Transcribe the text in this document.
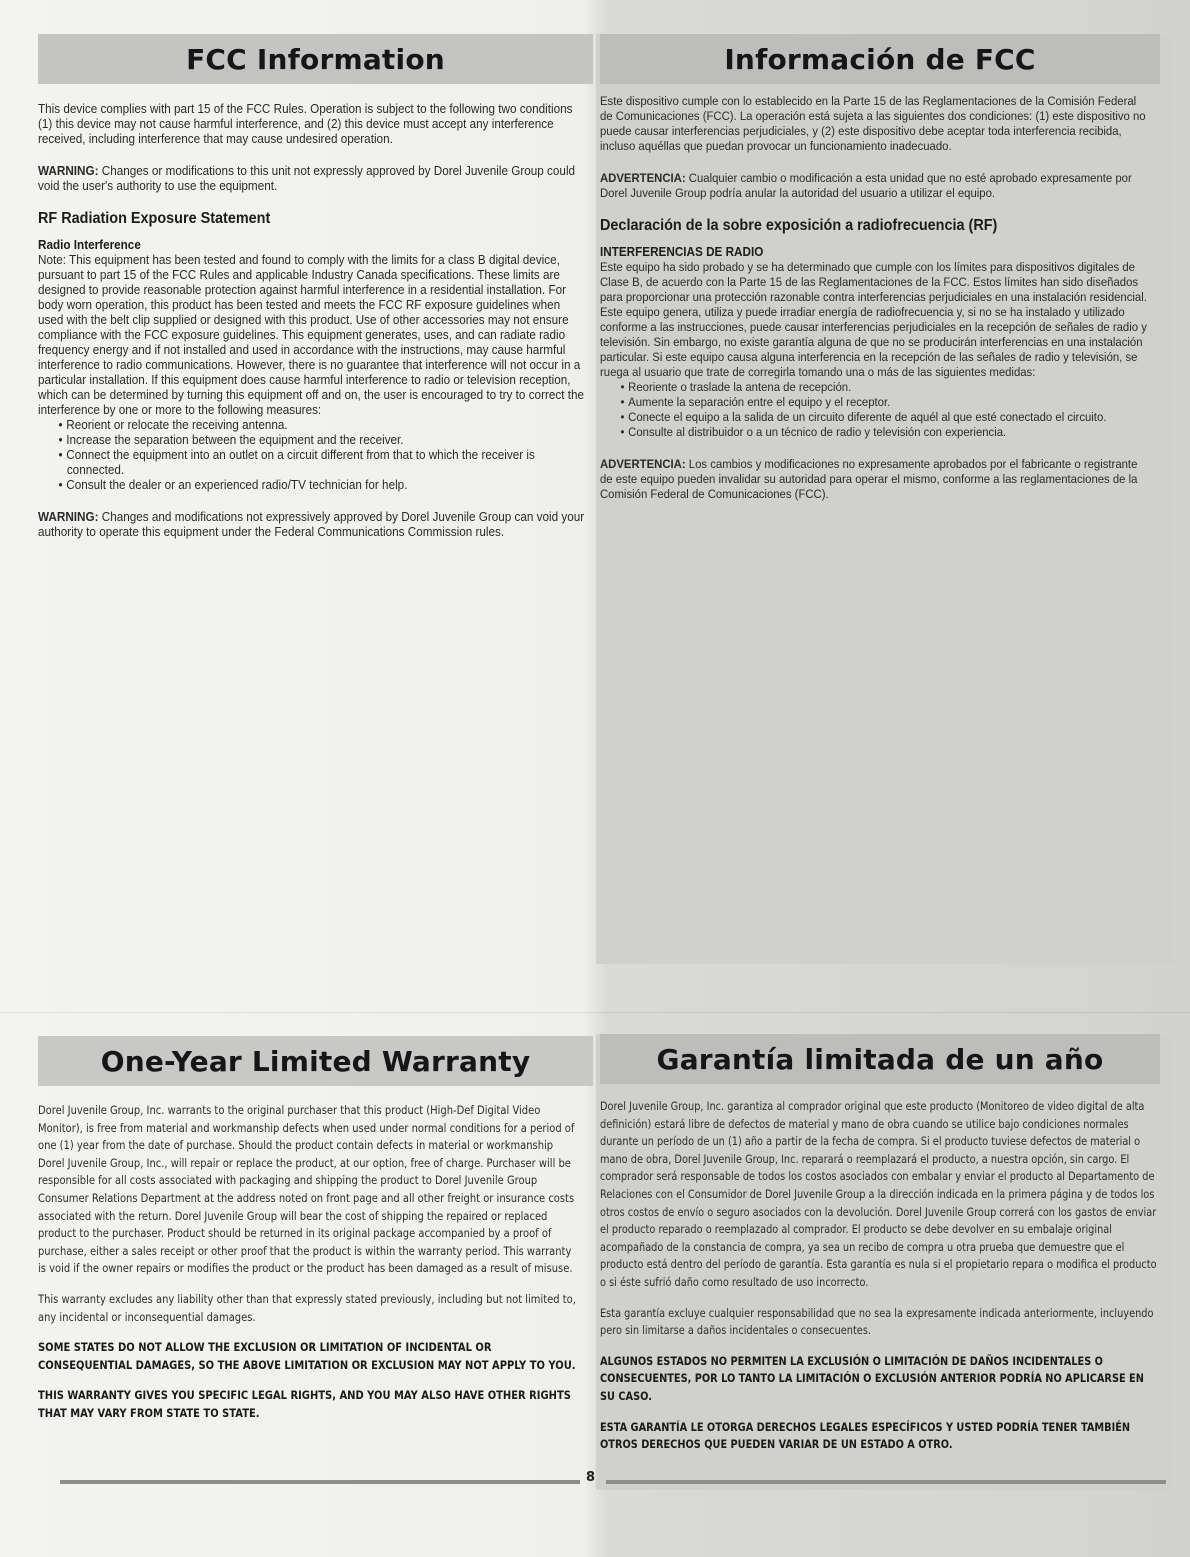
FCC Information

This device complies with part 15 of the FCC Rules. Operation is subject to the following two conditions (1) this device may not cause harmful interference, and (2) this device must accept any interference received, including interference that may cause undesired operation.

WARNING: Changes or modifications to this unit not expressly approved by Dorel Juvenile Group could void the user's authority to use the equipment.

RF Radiation Exposure Statement
Radio Interference

Note: This equipment has been tested and found to comply with the limits for a class B digital device, pursuant to part 15 of the FCC Rules and applicable Industry Canada specifications. These limits are designed to provide reasonable protection against harmful interference in a residential installation. For body worn operation, this product has been tested and meets the FCC RF exposure guidelines when used with the belt clip supplied or designed with this product. Use of other accessories may not ensure compliance with the FCC exposure guidelines. This equipment generates, uses, and can radiate radio frequency energy and if not installed and used in accordance with the instructions, may cause harmful interference to radio communications. However, there is no guarantee that interference will not occur in a particular installation. If this equipment does cause harmful interference to radio or television reception, which can be determined by turning this equipment off and on, the user is encouraged to try to correct the interference by one or more to the following measures:

• Reorient or relocate the receiving antenna.
• Increase the separation between the equipment and the receiver.
• Connect the equipment into an outlet on a circuit different from that to which the receiver is connected.
• Consult the dealer or an experienced radio/TV technician for help.

WARNING: Changes and modifications not expressively approved by Dorel Juvenile Group can void your authority to operate this equipment under the Federal Communications Commission rules.

Información de FCC

Este dispositivo cumple con lo establecido en la Parte 15 de las Reglamentaciones de la Comisión Federal de Comunicaciones (FCC). La operación está sujeta a las siguientes dos condiciones: (1) este dispositivo no puede causar interferencias perjudiciales, y (2) este dispositivo debe aceptar toda interferencia recibida, incluso aquéllas que puedan provocar un funcionamiento inadecuado.

ADVERTENCIA: Cualquier cambio o modificación a esta unidad que no esté aprobado expresamente por Dorel Juvenile Group podría anular la autoridad del usuario a utilizar el equipo.

Declaración de la sobre exposición a radiofrecuencia (RF)
INTERFERENCIAS DE RADIO

Este equipo ha sido probado y se ha determinado que cumple con los límites para dispositivos digitales de Clase B, de acuerdo con la Parte 15 de las Reglamentaciones de la FCC. Estos límites han sido diseñados para proporcionar una protección razonable contra interferencias perjudiciales en una instalación residencial. Este equipo genera, utiliza y puede irradiar energía de radiofrecuencia y, si no se ha instalado y utilizado conforme a las instrucciones, puede causar interferencias perjudiciales en la recepción de señales de radio y televisión. Sin embargo, no existe garantía alguna de que no se producirán interferencias en una instalación particular. Si este equipo causa alguna interferencia en la recepción de las señales de radio y televisión, se ruega al usuario que trate de corregirla tomando una o más de las siguientes medidas:

• Reoriente o traslade la antena de recepción.
• Aumente la separación entre el equipo y el receptor.
• Conecte el equipo a la salida de un circuito diferente de aquél al que esté conectado el circuito.
• Consulte al distribuidor o a un técnico de radio y televisión con experiencia.

ADVERTENCIA: Los cambios y modificaciones no expresamente aprobados por el fabricante o registrante de este equipo pueden invalidar su autoridad para operar el mismo, conforme a las reglamentaciones de la Comisión Federal de Comunicaciones (FCC).

One-Year Limited Warranty

Dorel Juvenile Group, Inc. warrants to the original purchaser that this product (High-Def Digital Video Monitor), is free from material and workmanship defects when used under normal conditions for a period of one (1) year from the date of purchase. Should the product contain defects in material or workmanship Dorel Juvenile Group, Inc., will repair or replace the product, at our option, free of charge. Purchaser will be responsible for all costs associated with packaging and shipping the product to Dorel Juvenile Group Consumer Relations Department at the address noted on front page and all other freight or insurance costs associated with the return. Dorel Juvenile Group will bear the cost of shipping the repaired or replaced product to the purchaser. Product should be returned in its original package accompanied by a proof of purchase, either a sales receipt or other proof that the product is within the warranty period. This warranty is void if the owner repairs or modifies the product or the product has been damaged as a result of misuse.

This warranty excludes any liability other than that expressly stated previously, including but not limited to, any incidental or inconsequential damages.

SOME STATES DO NOT ALLOW THE EXCLUSION OR LIMITATION OF INCIDENTAL OR CONSEQUENTIAL DAMAGES, SO THE ABOVE LIMITATION OR EXCLUSION MAY NOT APPLY TO YOU.

THIS WARRANTY GIVES YOU SPECIFIC LEGAL RIGHTS, AND YOU MAY ALSO HAVE OTHER RIGHTS THAT MAY VARY FROM STATE TO STATE.

Garantía limitada de un año

Dorel Juvenile Group, Inc. garantiza al comprador original que este producto (Monitoreo de video digital de alta definición) estará libre de defectos de material y mano de obra cuando se utilice bajo condiciones normales durante un período de un (1) año a partir de la fecha de compra. Si el producto tuviese defectos de material o mano de obra, Dorel Juvenile Group, Inc. reparará o reemplazará el producto, a nuestra opción, sin cargo. El comprador será responsable de todos los costos asociados con embalar y enviar el producto al Departamento de Relaciones con el Consumidor de Dorel Juvenile Group a la dirección indicada en la primera página y de todos los otros costos de envío o seguro asociados con la devolución. Dorel Juvenile Group correrá con los gastos de enviar el producto reparado o reemplazado al comprador. El producto se debe devolver en su embalaje original acompañado de la constancia de compra, ya sea un recibo de compra u otra prueba que demuestre que el producto está dentro del período de garantía. Esta garantía es nula si el propietario repara o modifica el producto o si éste sufrió daño como resultado de uso incorrecto.

Esta garantía excluye cualquier responsabilidad que no sea la expresamente indicada anteriormente, incluyendo pero sin limitarse a daños incidentales o consecuentes.

ALGUNOS ESTADOS NO PERMITEN LA EXCLUSIÓN O LIMITACIÓN DE DAÑOS INCIDENTALES O CONSECUENTES, POR LO TANTO LA LIMITACIÓN O EXCLUSIÓN ANTERIOR PODRÍA NO APLICARSE EN SU CASO.

ESTA GARANTÍA LE OTORGA DERECHOS LEGALES ESPECÍFICOS Y USTED PODRÍA TENER TAMBIÉN OTROS DERECHOS QUE PUEDEN VARIAR DE UN ESTADO A OTRO.

8
